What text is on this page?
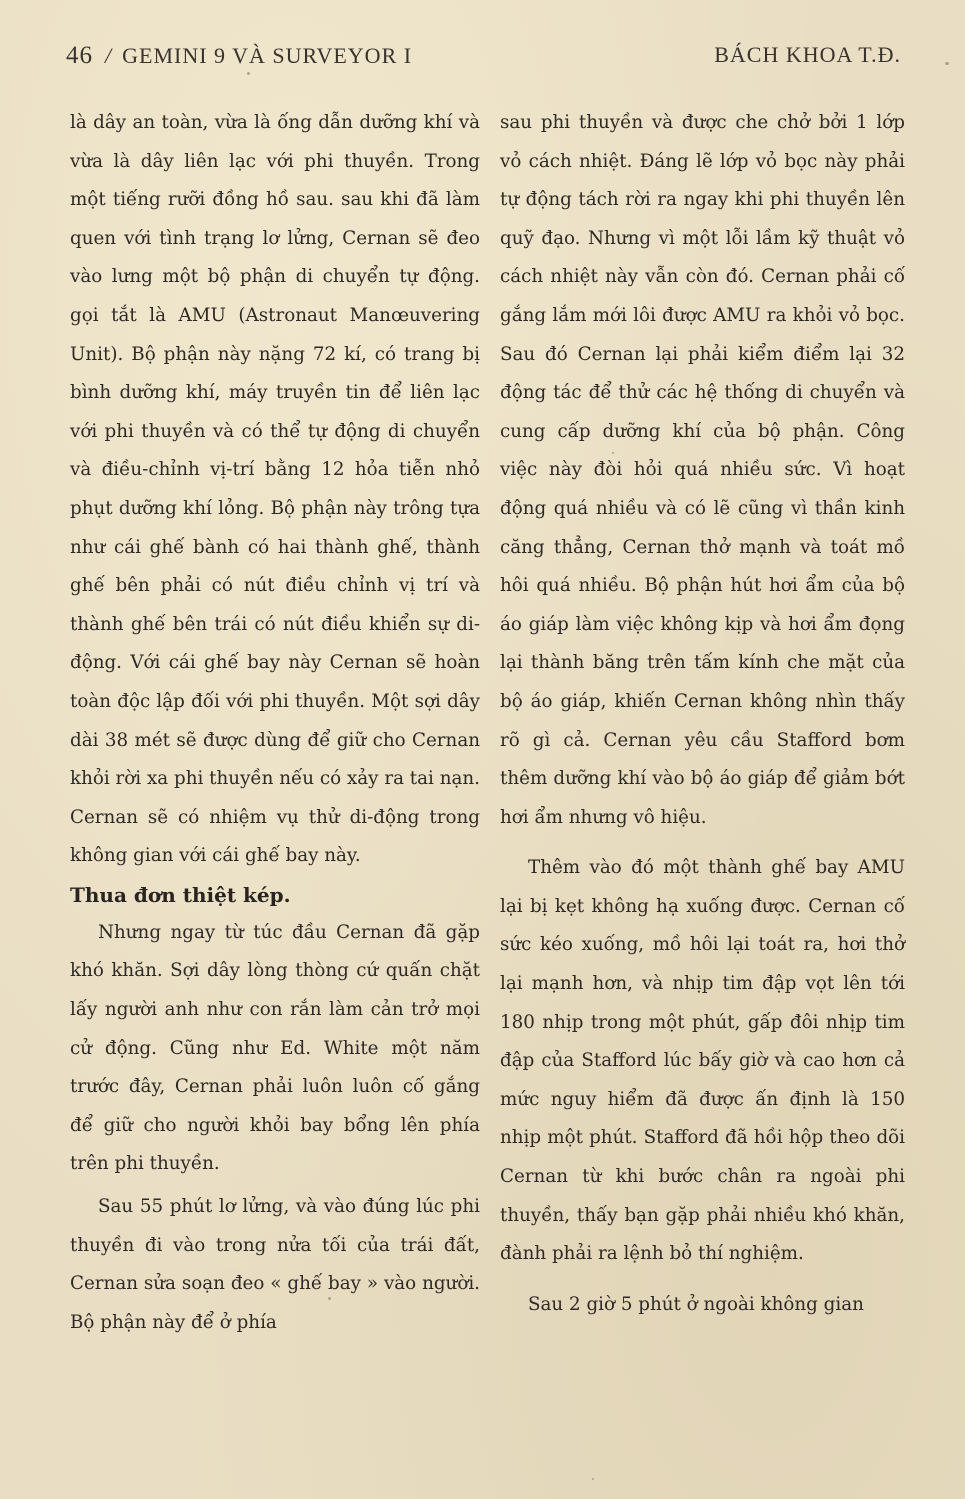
46 / GEMINI 9 VÀ SURVEYOR I	BÁCH KHOA T.Đ.

là dây an toàn, vừa là ống dẫn dưỡng khí và vừa là dây liên lạc với phi thuyền. Trong một tiếng rưỡi đồng hồ sau. sau khi đã làm quen với tình trạng lơ lửng, Cernan sẽ đeo vào lưng một bộ phận di chuyển tự động. gọi tắt là AMU (Astronaut Manœuvering Unit). Bộ phận này nặng 72 kí, có trang bị bình dưỡng khí, máy truyền tin để liên lạc với phi thuyền và có thể tự động di chuyển và điều-chỉnh vị-trí bằng 12 hỏa tiễn nhỏ phụt dưỡng khí lỏng. Bộ phận này trông tựa như cái ghế bành có hai thành ghế, thành ghế bên phải có nút điều chỉnh vị trí và thành ghế bên trái có nút điều khiển sự di-động. Với cái ghế bay này Cernan sẽ hoàn toàn độc lập đối với phi thuyền. Một sợi dây dài 38 mét sẽ được dùng để giữ cho Cernan khỏi rời xa phi thuyền nếu có xảy ra tai nạn. Cernan sẽ có nhiệm vụ thử di-động trong không gian với cái ghế bay này.

Thua đơn thiệt kép.

Nhưng ngay từ túc đầu Cernan đã gặp khó khăn. Sợi dây lòng thòng cứ quấn chặt lấy người anh như con rắn làm cản trở mọi cử động. Cũng như Ed. White một năm trước đây, Cernan phải luôn luôn cố gắng để giữ cho người khỏi bay bổng lên phía trên phi thuyền.

Sau 55 phút lơ lửng, và vào đúng lúc phi thuyền đi vào trong nửa tối của trái đất, Cernan sửa soạn đeo « ghế bay » vào người. Bộ phận này để ở phía

sau phi thuyền và được che chở bởi 1 lớp vỏ cách nhiệt. Đáng lẽ lớp vỏ bọc này phải tự động tách rời ra ngay khi phi thuyền lên quỹ đạo. Nhưng vì một lỗi lầm kỹ thuật vỏ cách nhiệt này vẫn còn đó. Cernan phải cố gắng lắm mới lôi được AMU ra khỏi vỏ bọc. Sau đó Cernan lại phải kiểm điểm lại 32 động tác để thử các hệ thống di chuyển và cung cấp dưỡng khí của bộ phận. Công việc này đòi hỏi quá nhiều sức. Vì hoạt động quá nhiều và có lẽ cũng vì thần kinh căng thẳng, Cernan thở mạnh và toát mồ hôi quá nhiều. Bộ phận hút hơi ẩm của bộ áo giáp làm việc không kịp và hơi ẩm đọng lại thành băng trên tấm kính che mặt của bộ áo giáp, khiến Cernan không nhìn thấy rõ gì cả. Cernan yêu cầu Stafford bơm thêm dưỡng khí vào bộ áo giáp để giảm bớt hơi ẩm nhưng vô hiệu.

Thêm vào đó một thành ghế bay AMU lại bị kẹt không hạ xuống được. Cernan cố sức kéo xuống, mồ hôi lại toát ra, hơi thở lại mạnh hơn, và nhịp tim đập vọt lên tới 180 nhịp trong một phút, gấp đôi nhịp tim đập của Stafford lúc bấy giờ và cao hơn cả mức nguy hiểm đã được ấn định là 150 nhịp một phút. Stafford đã hồi hộp theo dõi Cernan từ khi bước chân ra ngoài phi thuyền, thấy bạn gặp phải nhiều khó khăn, đành phải ra lệnh bỏ thí nghiệm.

Sau 2 giờ 5 phút ở ngoài không gian
